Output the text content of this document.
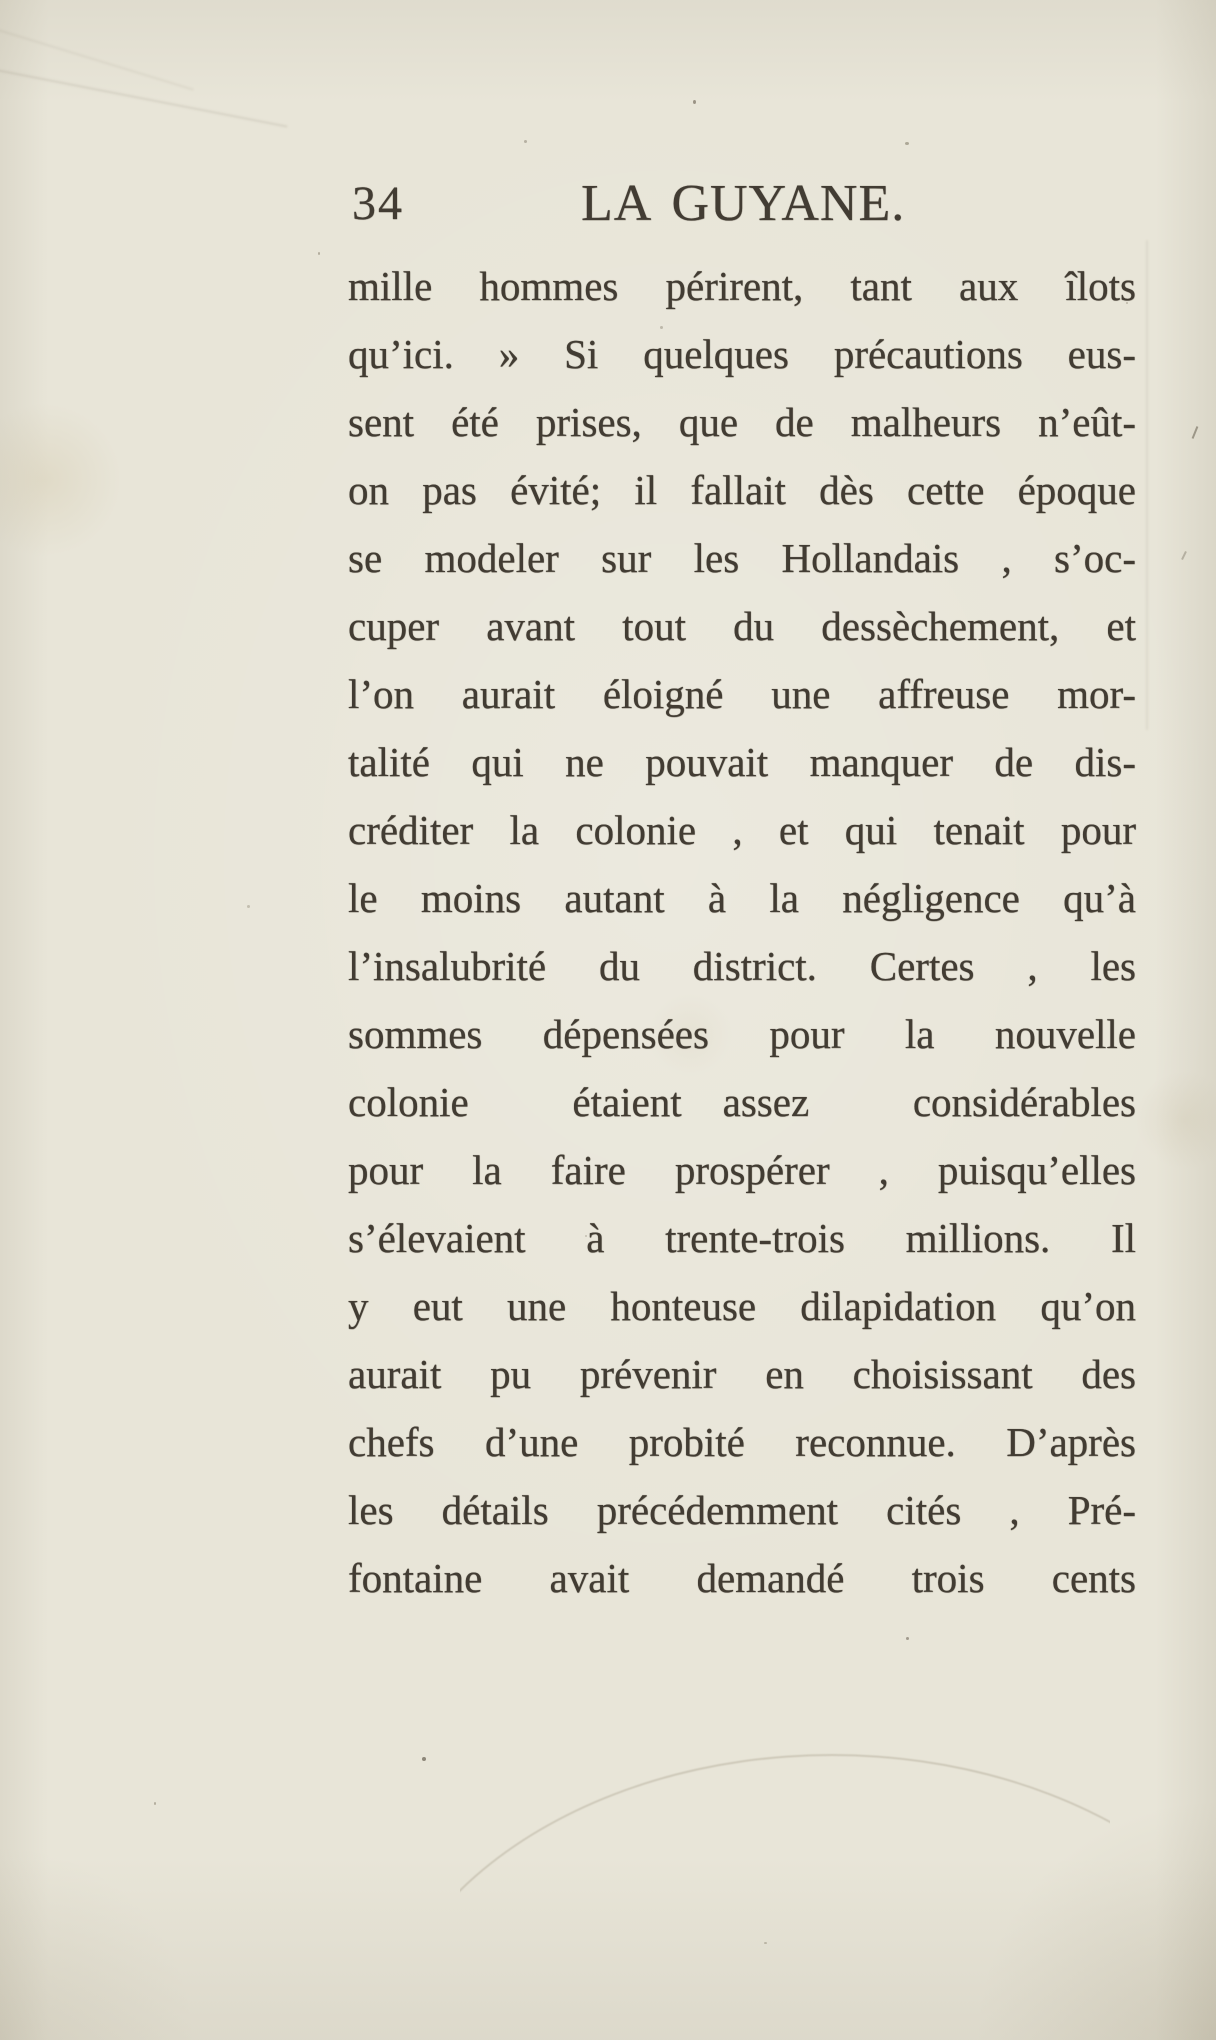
34	LA GUYANE.
mille hommes périrent, tant aux îlots
qu’ici. » Si quelques précautions eus-
sent été prises, que de malheurs n’eût-
on pas évité; il fallait dès cette époque
se modeler sur les Hollandais , s’oc-
cuper avant tout du dessèchement, et
l’on aurait éloigné une affreuse mor-
talité qui ne pouvait manquer de dis-
créditer la colonie , et qui tenait pour
le moins autant à la négligence qu’à
l’insalubrité du district. Certes , les
sommes dépensées pour la nouvelle
colonie étaient assez considérables
pour la faire prospérer , puisqu’elles
s’élevaient à trente-trois millions. Il
y eut une honteuse dilapidation qu’on
aurait pu prévenir en choisissant des
chefs d’une probité reconnue. D’après
les détails précédemment cités , Pré-
fontaine avait demandé trois cents
